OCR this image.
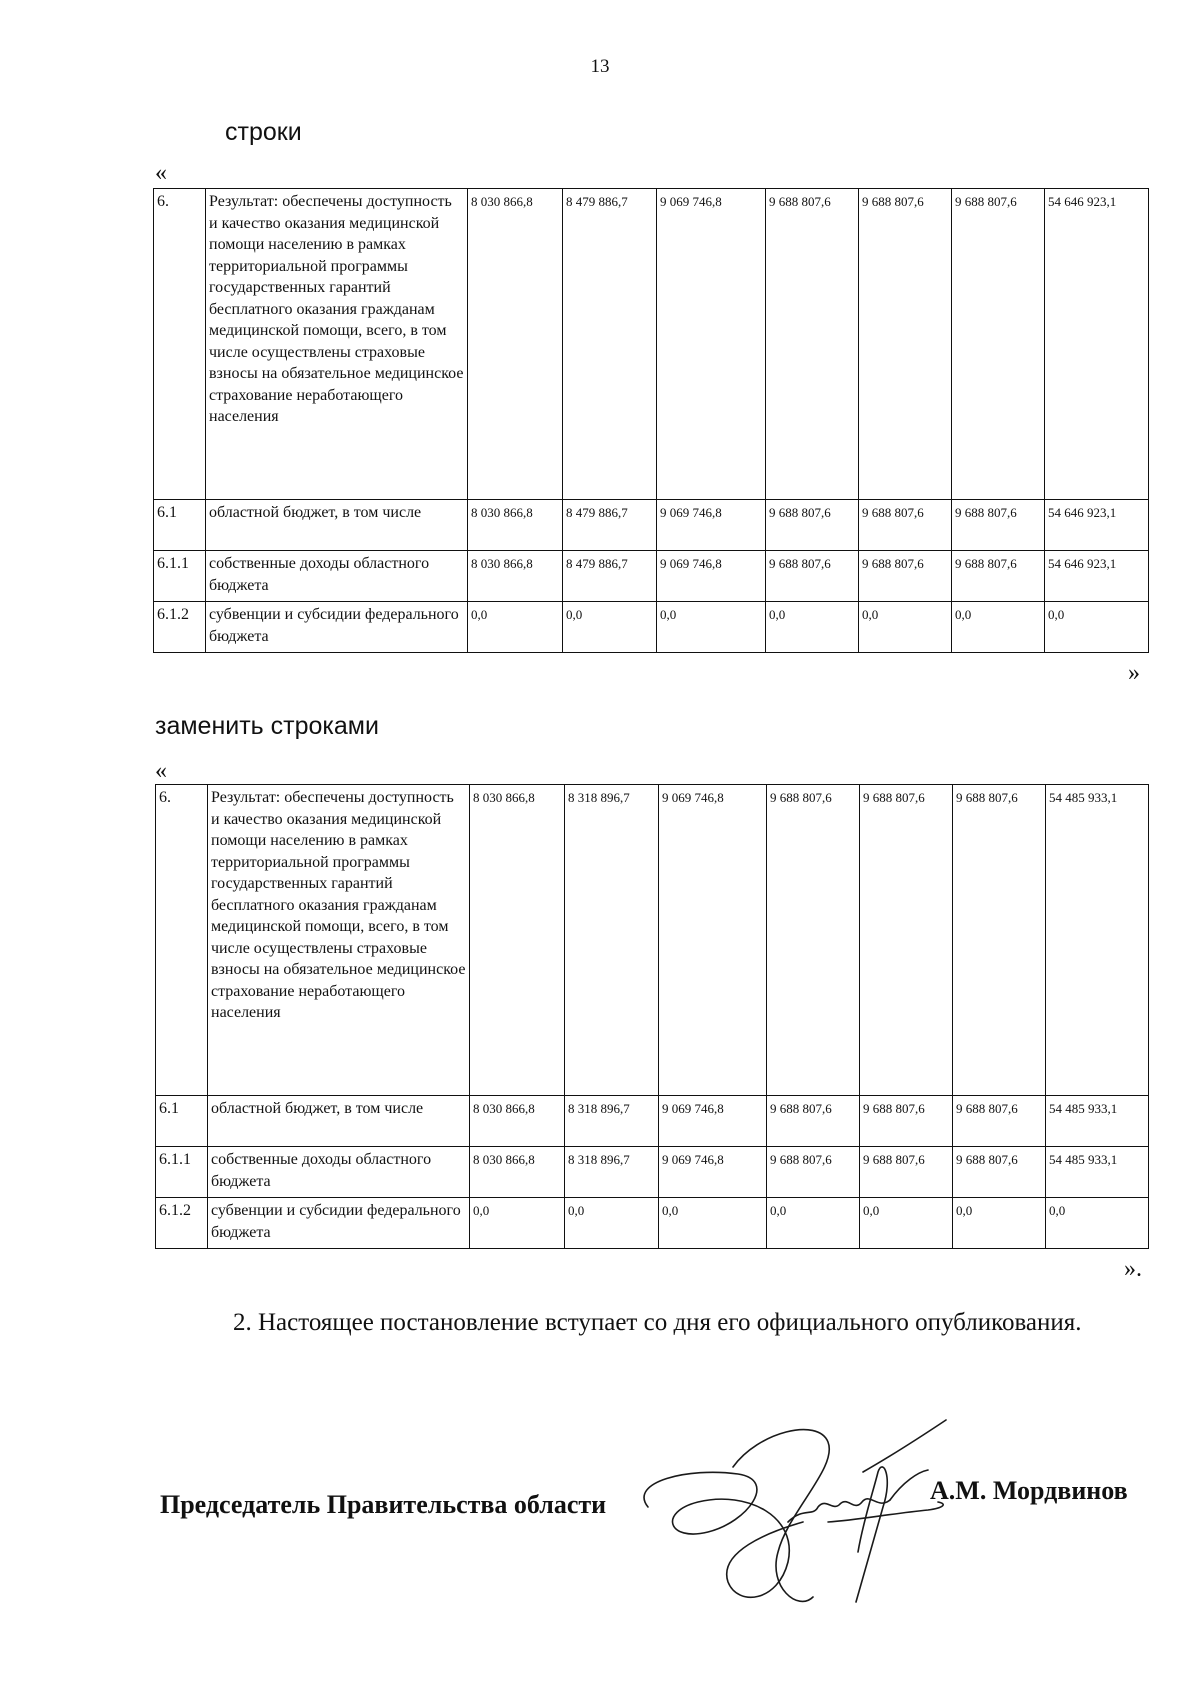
13
строки
«
6.	Результат: обеспечены доступность и качество оказания медицинской помощи населению в рамках территориальной программы государственных гарантий бесплатного оказания гражданам медицинской помощи, всего, в том числе осуществлены страховые взносы на обязательное медицинское страхование неработающего населения	8 030 866,8	8 479 886,7	9 069 746,8	9 688 807,6	9 688 807,6	9 688 807,6	54 646 923,1
6.1	областной бюджет, в том числе	8 030 866,8	8 479 886,7	9 069 746,8	9 688 807,6	9 688 807,6	9 688 807,6	54 646 923,1
6.1.1	собственные доходы областного бюджета	8 030 866,8	8 479 886,7	9 069 746,8	9 688 807,6	9 688 807,6	9 688 807,6	54 646 923,1
6.1.2	субвенции и субсидии федерального бюджета	0,0	0,0	0,0	0,0	0,0	0,0	0,0
»
заменить строками
«
6.	Результат: обеспечены доступность и качество оказания медицинской помощи населению в рамках территориальной программы государственных гарантий бесплатного оказания гражданам медицинской помощи, всего, в том числе осуществлены страховые взносы на обязательное медицинское страхование неработающего населения	8 030 866,8	8 318 896,7	9 069 746,8	9 688 807,6	9 688 807,6	9 688 807,6	54 485 933,1
6.1	областной бюджет, в том числе	8 030 866,8	8 318 896,7	9 069 746,8	9 688 807,6	9 688 807,6	9 688 807,6	54 485 933,1
6.1.1	собственные доходы областного бюджета	8 030 866,8	8 318 896,7	9 069 746,8	9 688 807,6	9 688 807,6	9 688 807,6	54 485 933,1
6.1.2	субвенции и субсидии федерального бюджета	0,0	0,0	0,0	0,0	0,0	0,0	0,0
».
2. Настоящее постановление вступает со дня его официального опубликования.
Председатель Правительства области	А.М. Мордвинов
